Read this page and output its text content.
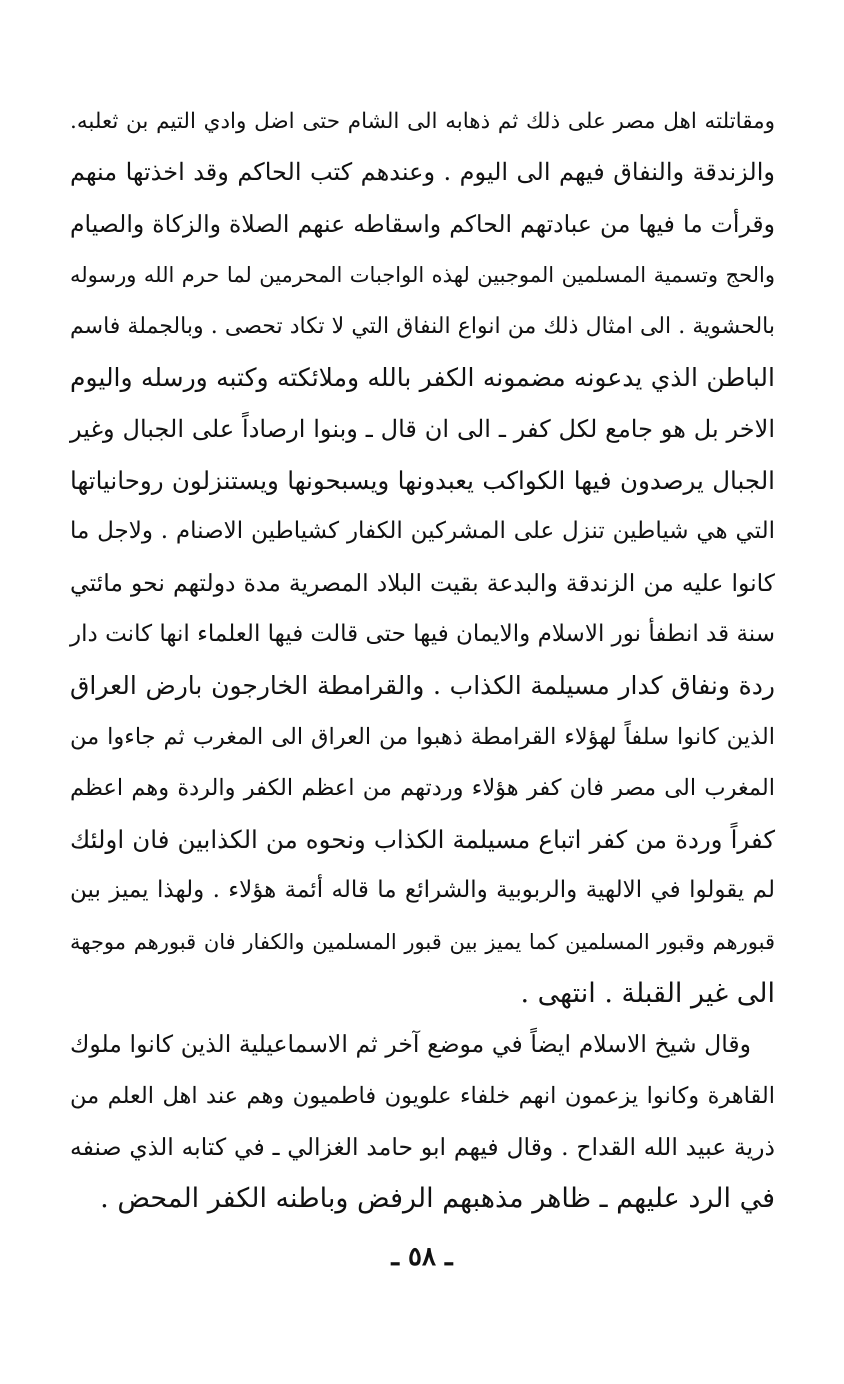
ومقاتلته اهل مصر على ذلك ثم ذهابه الى الشام حتى اضل وادي التيم بن ثعلبه.
والزندقة والنفاق فيهم الى اليوم . وعندهم كتب الحاكم وقد اخذتها منهم
وقرأت ما فيها من عبادتهم الحاكم واسقاطه عنهم الصلاة والزكاة والصيام
والحج وتسمية المسلمين الموجبين لهذه الواجبات المحرمين لما حرم الله ورسوله
بالحشوية . الى امثال ذلك من انواع النفاق التي لا تكاد تحصى . وبالجملة فاسم
الباطن الذي يدعونه مضمونه الكفر بالله وملائكته وكتبه ورسله واليوم
الاخر بل هو جامع لكل كفر ـ الى ان قال ـ وبنوا ارصاداً على الجبال وغير
الجبال يرصدون فيها الكواكب يعبدونها ويسبحونها ويستنزلون روحانياتها
التي هي شياطين تنزل على المشركين الكفار كشياطين الاصنام . ولاجل ما
كانوا عليه من الزندقة والبدعة بقيت البلاد المصرية مدة دولتهم نحو مائتي
سنة قد انطفأ نور الاسلام والايمان فيها حتى قالت فيها العلماء انها كانت دار
ردة ونفاق كدار مسيلمة الكذاب . والقرامطة الخارجون بارض العراق
الذين كانوا سلفاً لهؤلاء القرامطة ذهبوا من العراق الى المغرب ثم جاءوا من
المغرب الى مصر فان كفر هؤلاء وردتهم من اعظم الكفر والردة وهم اعظم
كفراً وردة من كفر اتباع مسيلمة الكذاب ونحوه من الكذابين فان اولئك
لم يقولوا في الالهية والربوبية والشرائع ما قاله أئمة هؤلاء . ولهذا يميز بين
قبورهم وقبور المسلمين كما يميز بين قبور المسلمين والكفار فان قبورهم موجهة
الى غير القبلة . انتهى .

وقال شيخ الاسلام ايضاً في موضع آخر ثم الاسماعيلية الذين كانوا ملوك
القاهرة وكانوا يزعمون انهم خلفاء علويون فاطميون وهم عند اهل العلم من
ذرية عبيد الله القداح . وقال فيهم ابو حامد الغزالي ـ في كتابه الذي صنفه
في الرد عليهم ـ ظاهر مذهبهم الرفض وباطنه الكفر المحض .

ـ ٥٨ ـ
